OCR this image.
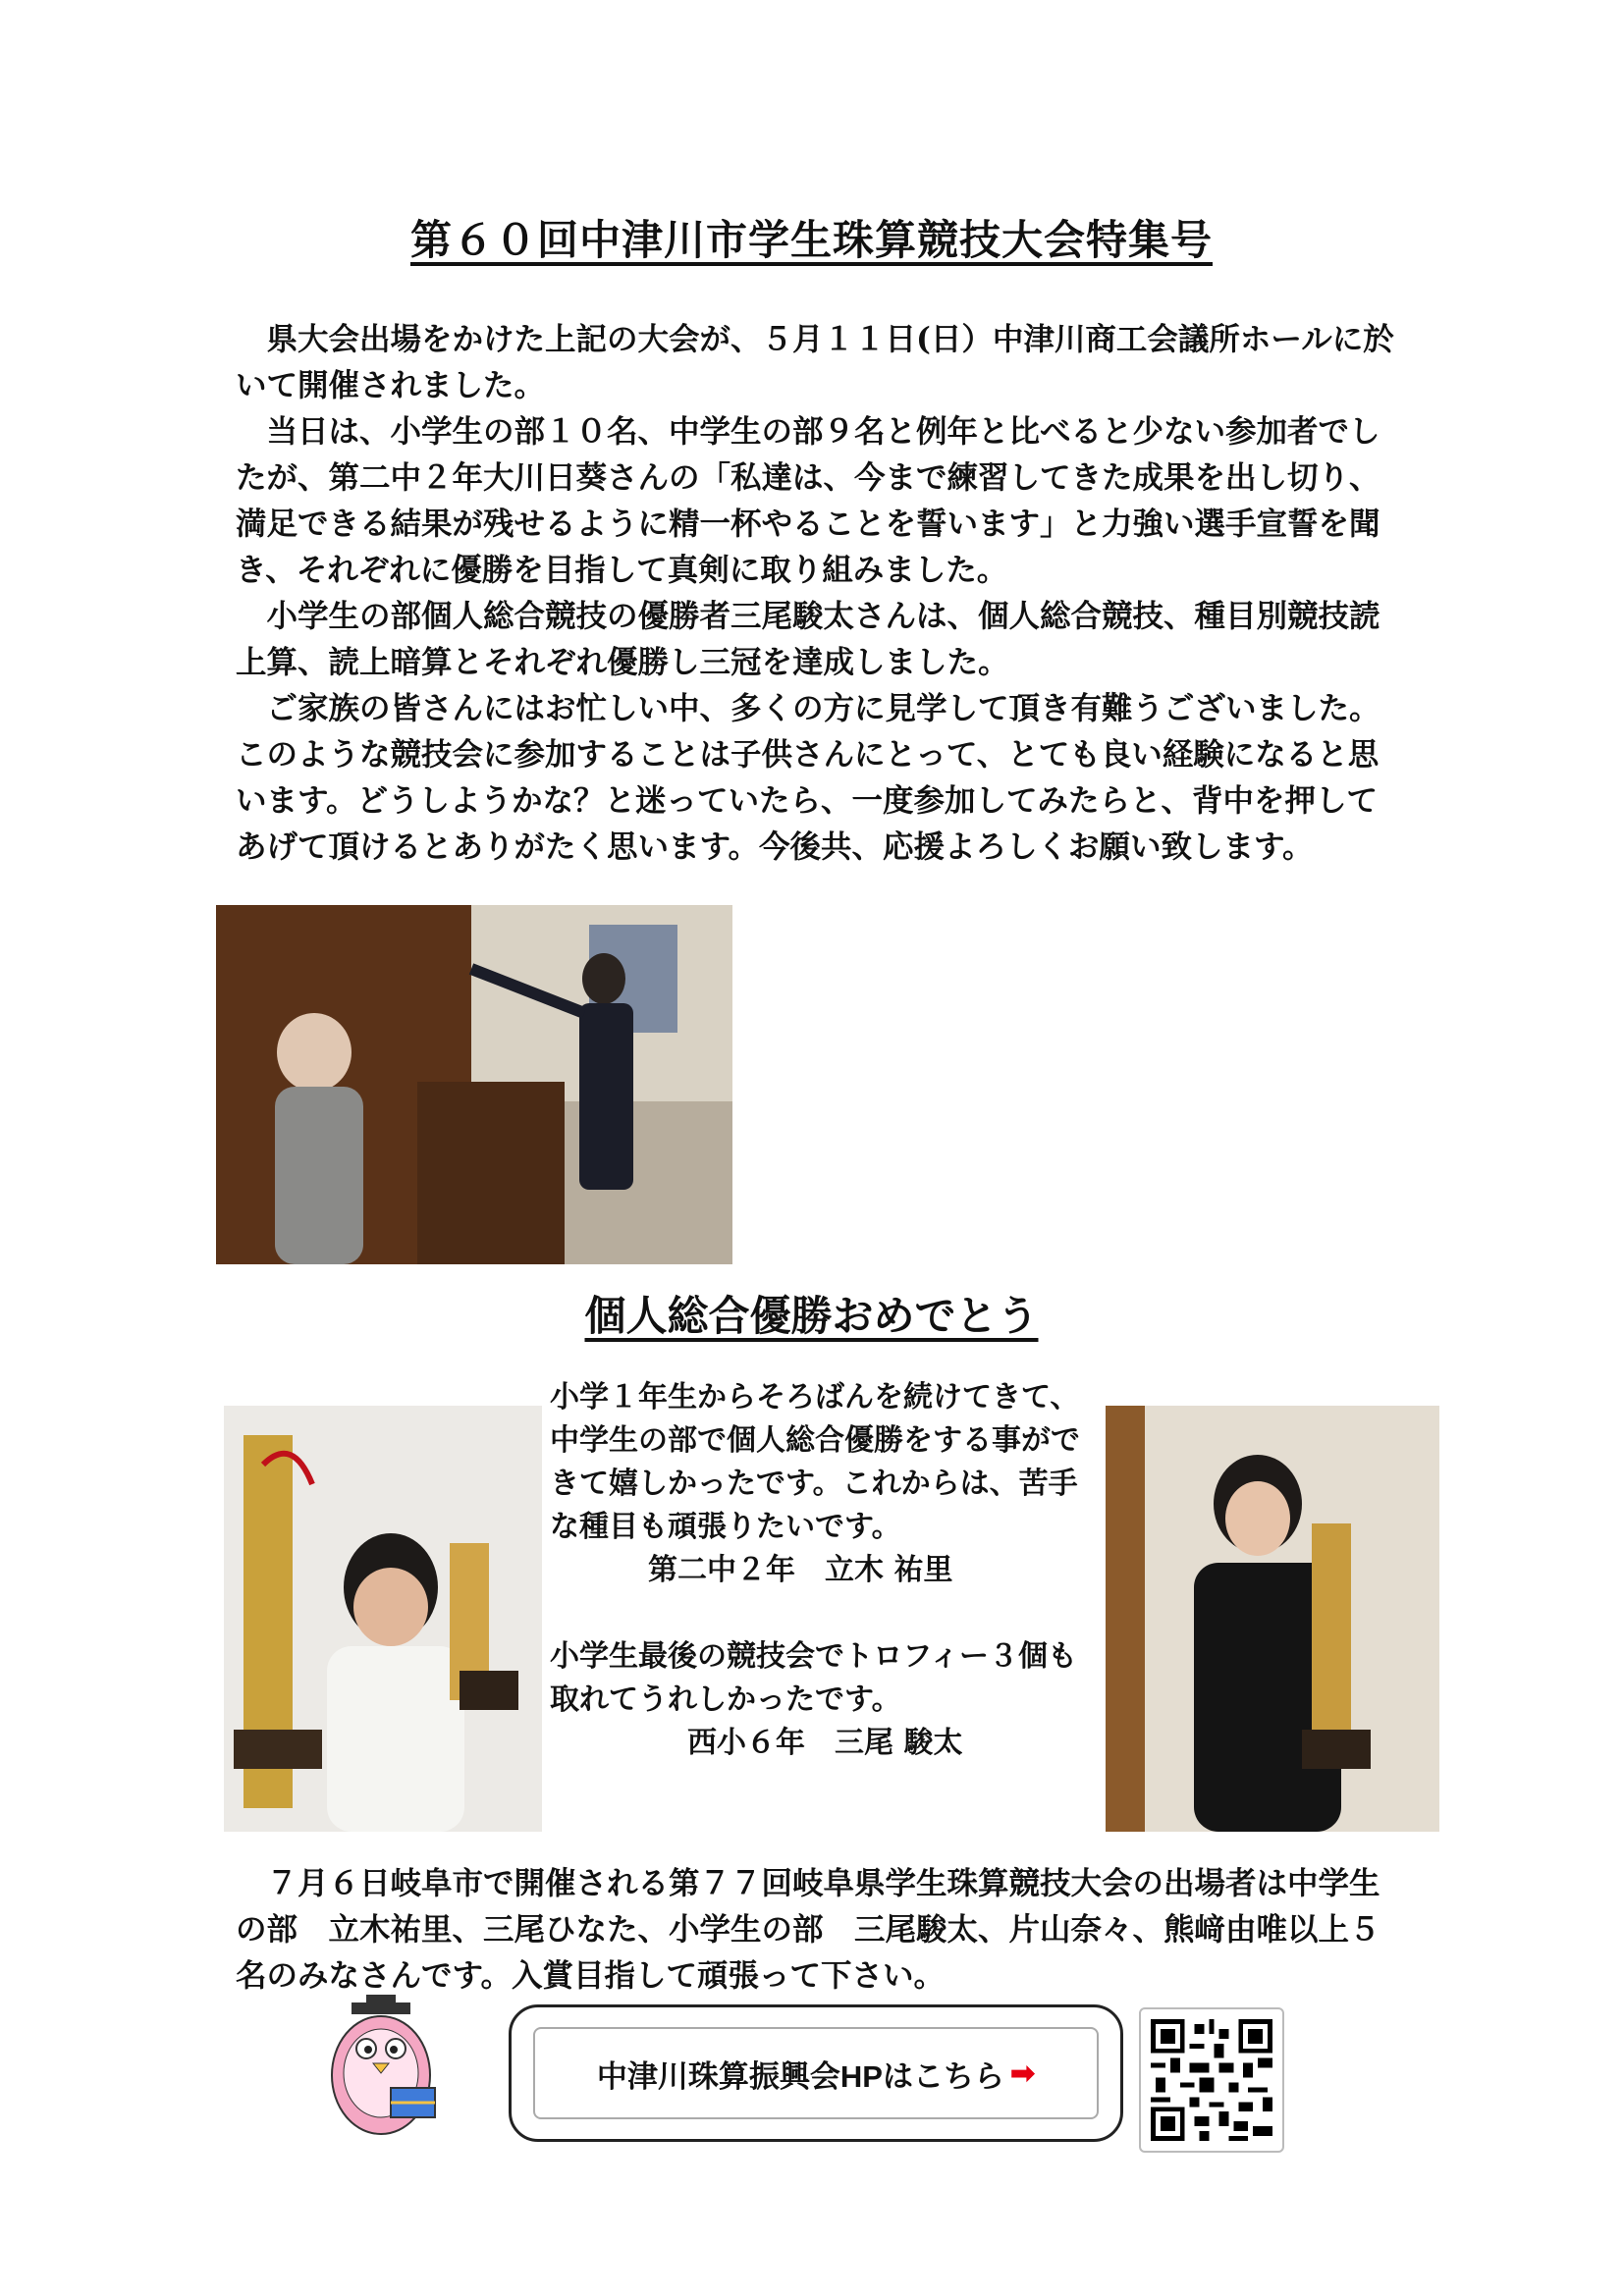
第６０回中津川市学生珠算競技大会特集号

県大会出場をかけた上記の大会が、５月１１日(日）中津川商工会議所ホールに於いて開催されました。

当日は、小学生の部１０名、中学生の部９名と例年と比べると少ない参加者でしたが、第二中２年大川日葵さんの「私達は、今まで練習してきた成果を出し切り、満足できる結果が残せるように精一杯やることを誓います」と力強い選手宣誓を聞き、それぞれに優勝を目指して真剣に取り組みました。

小学生の部個人総合競技の優勝者三尾駿太さんは、個人総合競技、種目別競技読上算、読上暗算とそれぞれ優勝し三冠を達成しました。

ご家族の皆さんにはお忙しい中、多くの方に見学して頂き有難うございました。このような競技会に参加することは子供さんにとって、とても良い経験になると思います。どうしようかな？と迷っていたら、一度参加してみたらと、背中を押してあげて頂けるとありがたく思います。今後共、応援よろしくお願い致します。

個人総合優勝おめでとう

小学１年生からそろばんを続けてきて、中学生の部で個人総合優勝をする事ができて嬉しかったです。これからは、苦手な種目も頑張りたいです。

第二中２年　立木 祐里

小学生最後の競技会でトロフィー３個も取れてうれしかったです。

西小６年　三尾 駿太

７月６日岐阜市で開催される第７７回岐阜県学生珠算競技大会の出場者は中学生の部　立木祐里、三尾ひなた、小学生の部　三尾駿太、片山奈々、熊﨑由唯以上５名のみなさんです。入賞目指して頑張って下さい。
中津川珠算振興会HPはこちら ➡
